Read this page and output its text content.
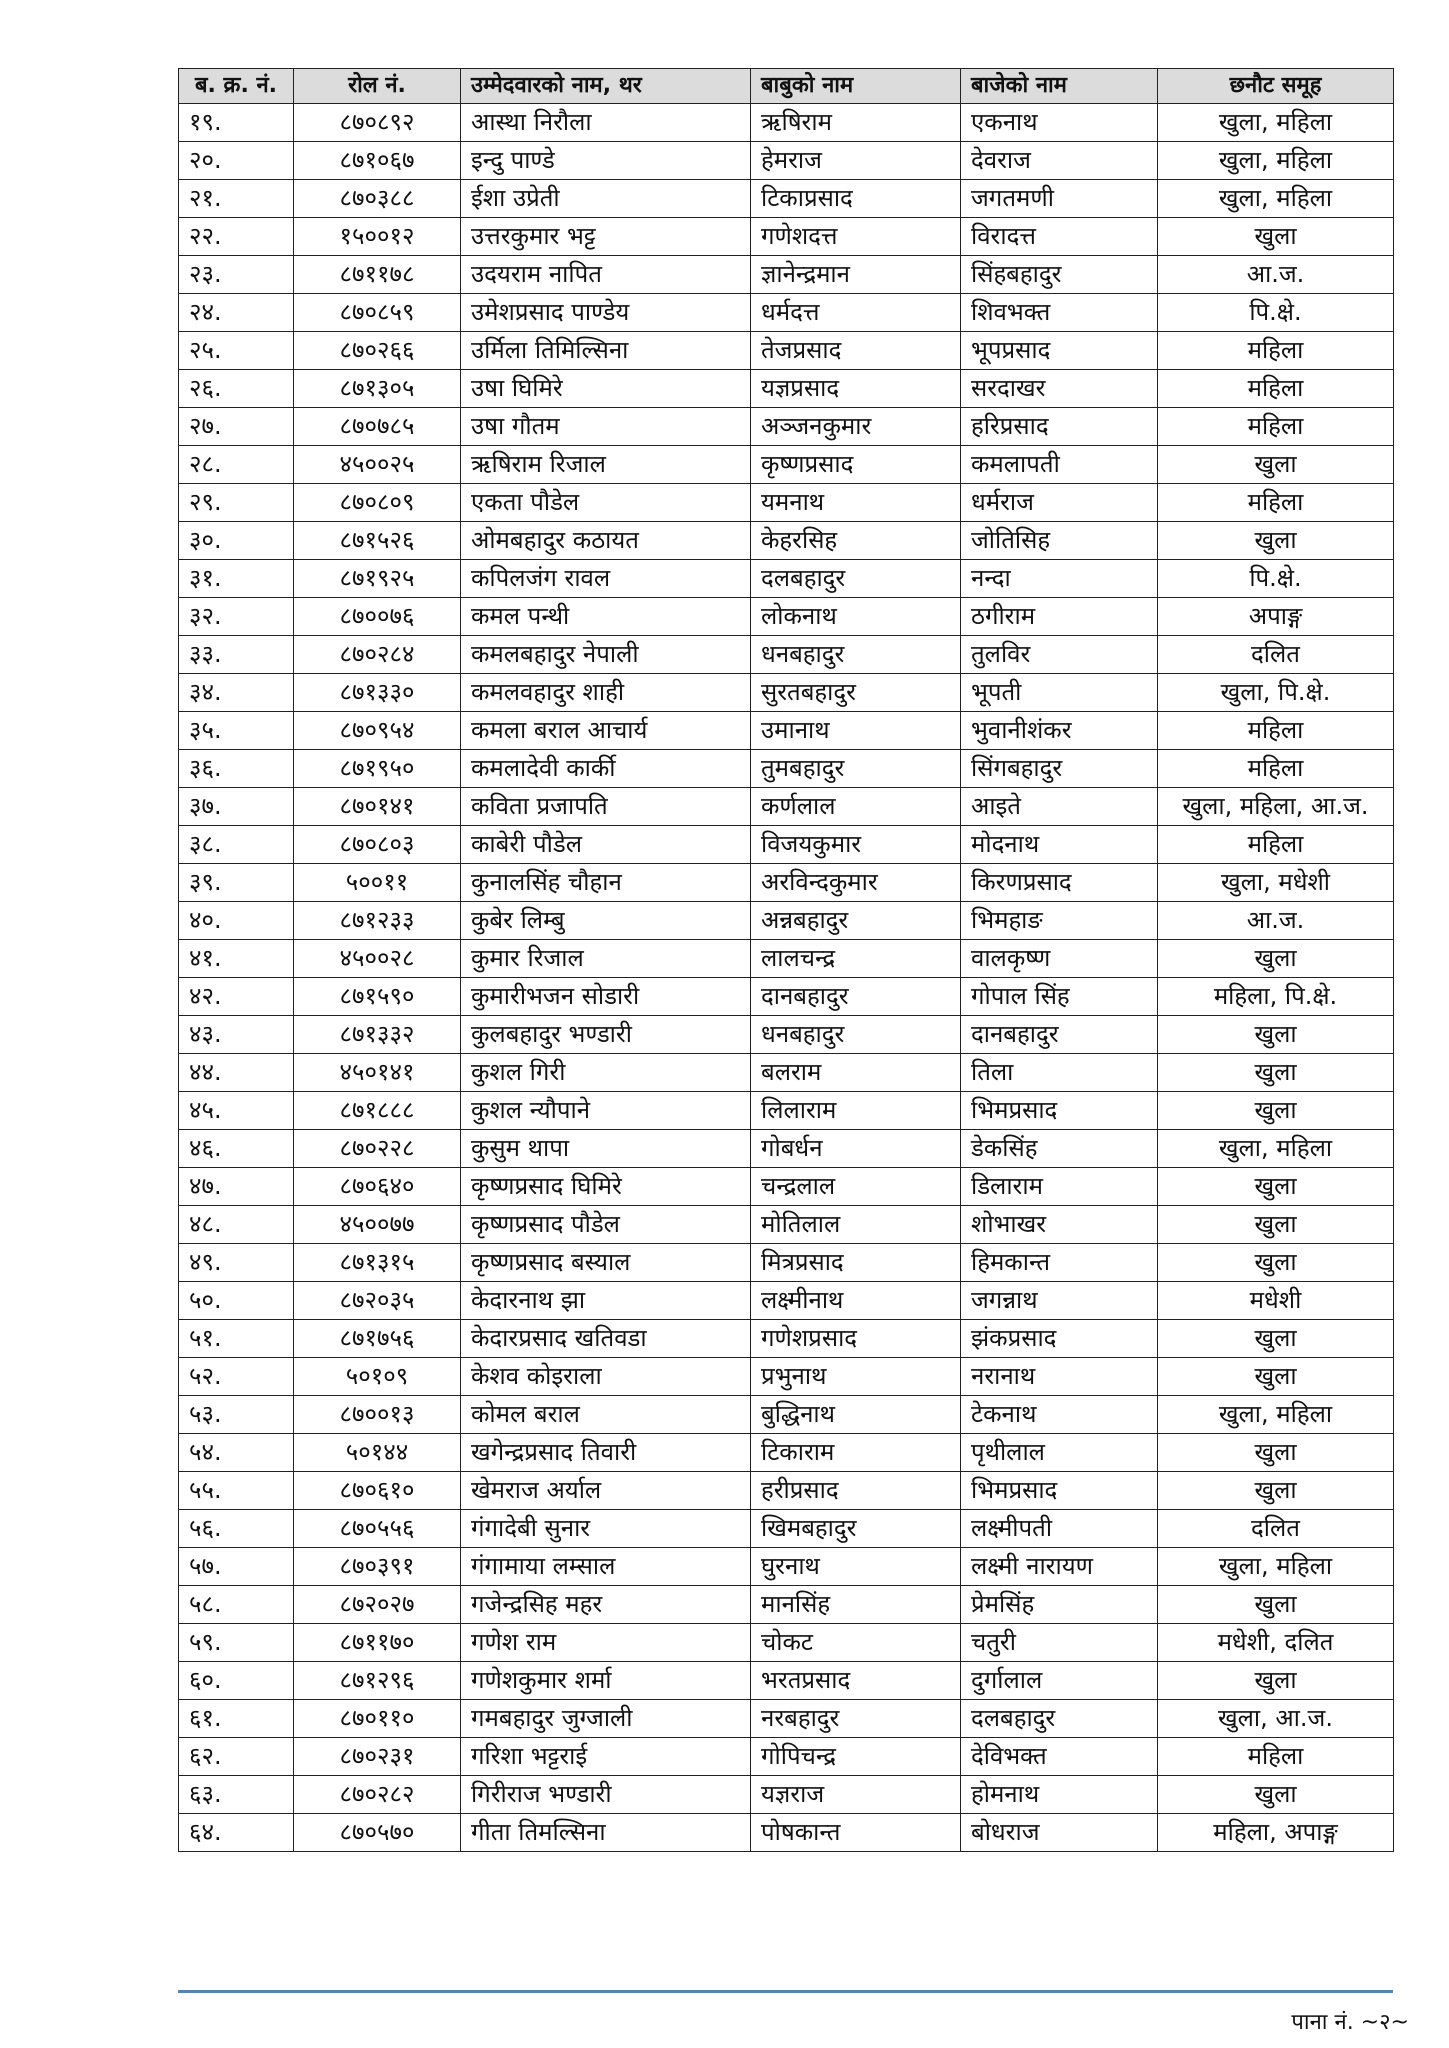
ब. क्र. नं.	रोल नं.	उम्मेदवारको नाम, थर	बाबुको नाम	बाजेको नाम	छनौट समूह
१९.	८७०८९२	आस्था निरौला	ऋषिराम	एकनाथ	खुला, महिला
२०.	८७१०६७	इन्दु पाण्डे	हेमराज	देवराज	खुला, महिला
२१.	८७०३८८	ईशा उप्रेती	टिकाप्रसाद	जगतमणी	खुला, महिला
२२.	१५००१२	उत्तरकुमार भट्ट	गणेशदत्त	विरादत्त	खुला
२३.	८७११७८	उदयराम नापित	ज्ञानेन्द्रमान	सिंहबहादुर	आ.ज.
२४.	८७०८५९	उमेशप्रसाद पाण्डेय	धर्मदत्त	शिवभक्त	पि.क्षे.
२५.	८७०२६६	उर्मिला तिमिल्सिना	तेजप्रसाद	भूपप्रसाद	महिला
२६.	८७१३०५	उषा घिमिरे	यज्ञप्रसाद	सरदाखर	महिला
२७.	८७०७८५	उषा गौतम	अञ्जनकुमार	हरिप्रसाद	महिला
२८.	४५००२५	ऋषिराम रिजाल	कृष्णप्रसाद	कमलापती	खुला
२९.	८७०८०९	एकता पौडेल	यमनाथ	धर्मराज	महिला
३०.	८७१५२६	ओमबहादुर कठायत	केहरसिह	जोतिसिह	खुला
३१.	८७१९२५	कपिलजंग रावल	दलबहादुर	नन्दा	पि.क्षे.
३२.	८७००७६	कमल पन्थी	लोकनाथ	ठगीराम	अपाङ्ग
३३.	८७०२८४	कमलबहादुर नेपाली	धनबहादुर	तुलविर	दलित
३४.	८७१३३०	कमलवहादुर शाही	सुरतबहादुर	भूपती	खुला, पि.क्षे.
३५.	८७०९५४	कमला बराल आचार्य	उमानाथ	भुवानीशंकर	महिला
३६.	८७१९५०	कमलादेवी कार्की	तुमबहादुर	सिंगबहादुर	महिला
३७.	८७०१४१	कविता प्रजापति	कर्णलाल	आइते	खुला, महिला, आ.ज.
३८.	८७०८०३	काबेरी पौडेल	विजयकुमार	मोदनाथ	महिला
३९.	५००११	कुनालसिंह चौहान	अरविन्दकुमार	किरणप्रसाद	खुला, मधेशी
४०.	८७१२३३	कुबेर लिम्बु	अन्नबहादुर	भिमहाङ	आ.ज.
४१.	४५००२८	कुमार रिजाल	लालचन्द्र	वालकृष्ण	खुला
४२.	८७१५९०	कुमारीभजन सोडारी	दानबहादुर	गोपाल सिंह	महिला, पि.क्षे.
४३.	८७१३३२	कुलबहादुर भण्डारी	धनबहादुर	दानबहादुर	खुला
४४.	४५०१४१	कुशल गिरी	बलराम	तिला	खुला
४५.	८७१८८८	कुशल न्यौपाने	लिलाराम	भिमप्रसाद	खुला
४६.	८७०२२८	कुसुम थापा	गोबर्धन	डेकसिंह	खुला, महिला
४७.	८७०६४०	कृष्णप्रसाद घिमिरे	चन्द्रलाल	डिलाराम	खुला
४८.	४५००७७	कृष्णप्रसाद पौडेल	मोतिलाल	शोभाखर	खुला
४९.	८७१३१५	कृष्णप्रसाद बस्याल	मित्रप्रसाद	हिमकान्त	खुला
५०.	८७२०३५	केदारनाथ झा	लक्ष्मीनाथ	जगन्नाथ	मधेशी
५१.	८७१७५६	केदारप्रसाद खतिवडा	गणेशप्रसाद	झंकप्रसाद	खुला
५२.	५०१०९	केशव कोइराला	प्रभुनाथ	नरानाथ	खुला
५३.	८७००१३	कोमल बराल	बुद्धिनाथ	टेकनाथ	खुला, महिला
५४.	५०१४४	खगेन्द्रप्रसाद तिवारी	टिकाराम	पृथीलाल	खुला
५५.	८७०६१०	खेमराज अर्याल	हरीप्रसाद	भिमप्रसाद	खुला
५६.	८७०५५६	गंगादेबी सुनार	खिमबहादुर	लक्ष्मीपती	दलित
५७.	८७०३९१	गंगामाया लम्साल	घुरनाथ	लक्ष्मी नारायण	खुला, महिला
५८.	८७२०२७	गजेन्द्रसिह महर	मानसिंह	प्रेमसिंह	खुला
५९.	८७११७०	गणेश राम	चोकट	चतुरी	मधेशी, दलित
६०.	८७१२९६	गणेशकुमार शर्मा	भरतप्रसाद	दुर्गालाल	खुला
६१.	८७०११०	गमबहादुर जुग्जाली	नरबहादुर	दलबहादुर	खुला, आ.ज.
६२.	८७०२३१	गरिशा भट्टराई	गोपिचन्द्र	देविभक्त	महिला
६३.	८७०२८२	गिरीराज भण्डारी	यज्ञराज	होमनाथ	खुला
६४.	८७०५७०	गीता तिमल्सिना	पोषकान्त	बोधराज	महिला, अपाङ्ग
पाना नं. ~२~
